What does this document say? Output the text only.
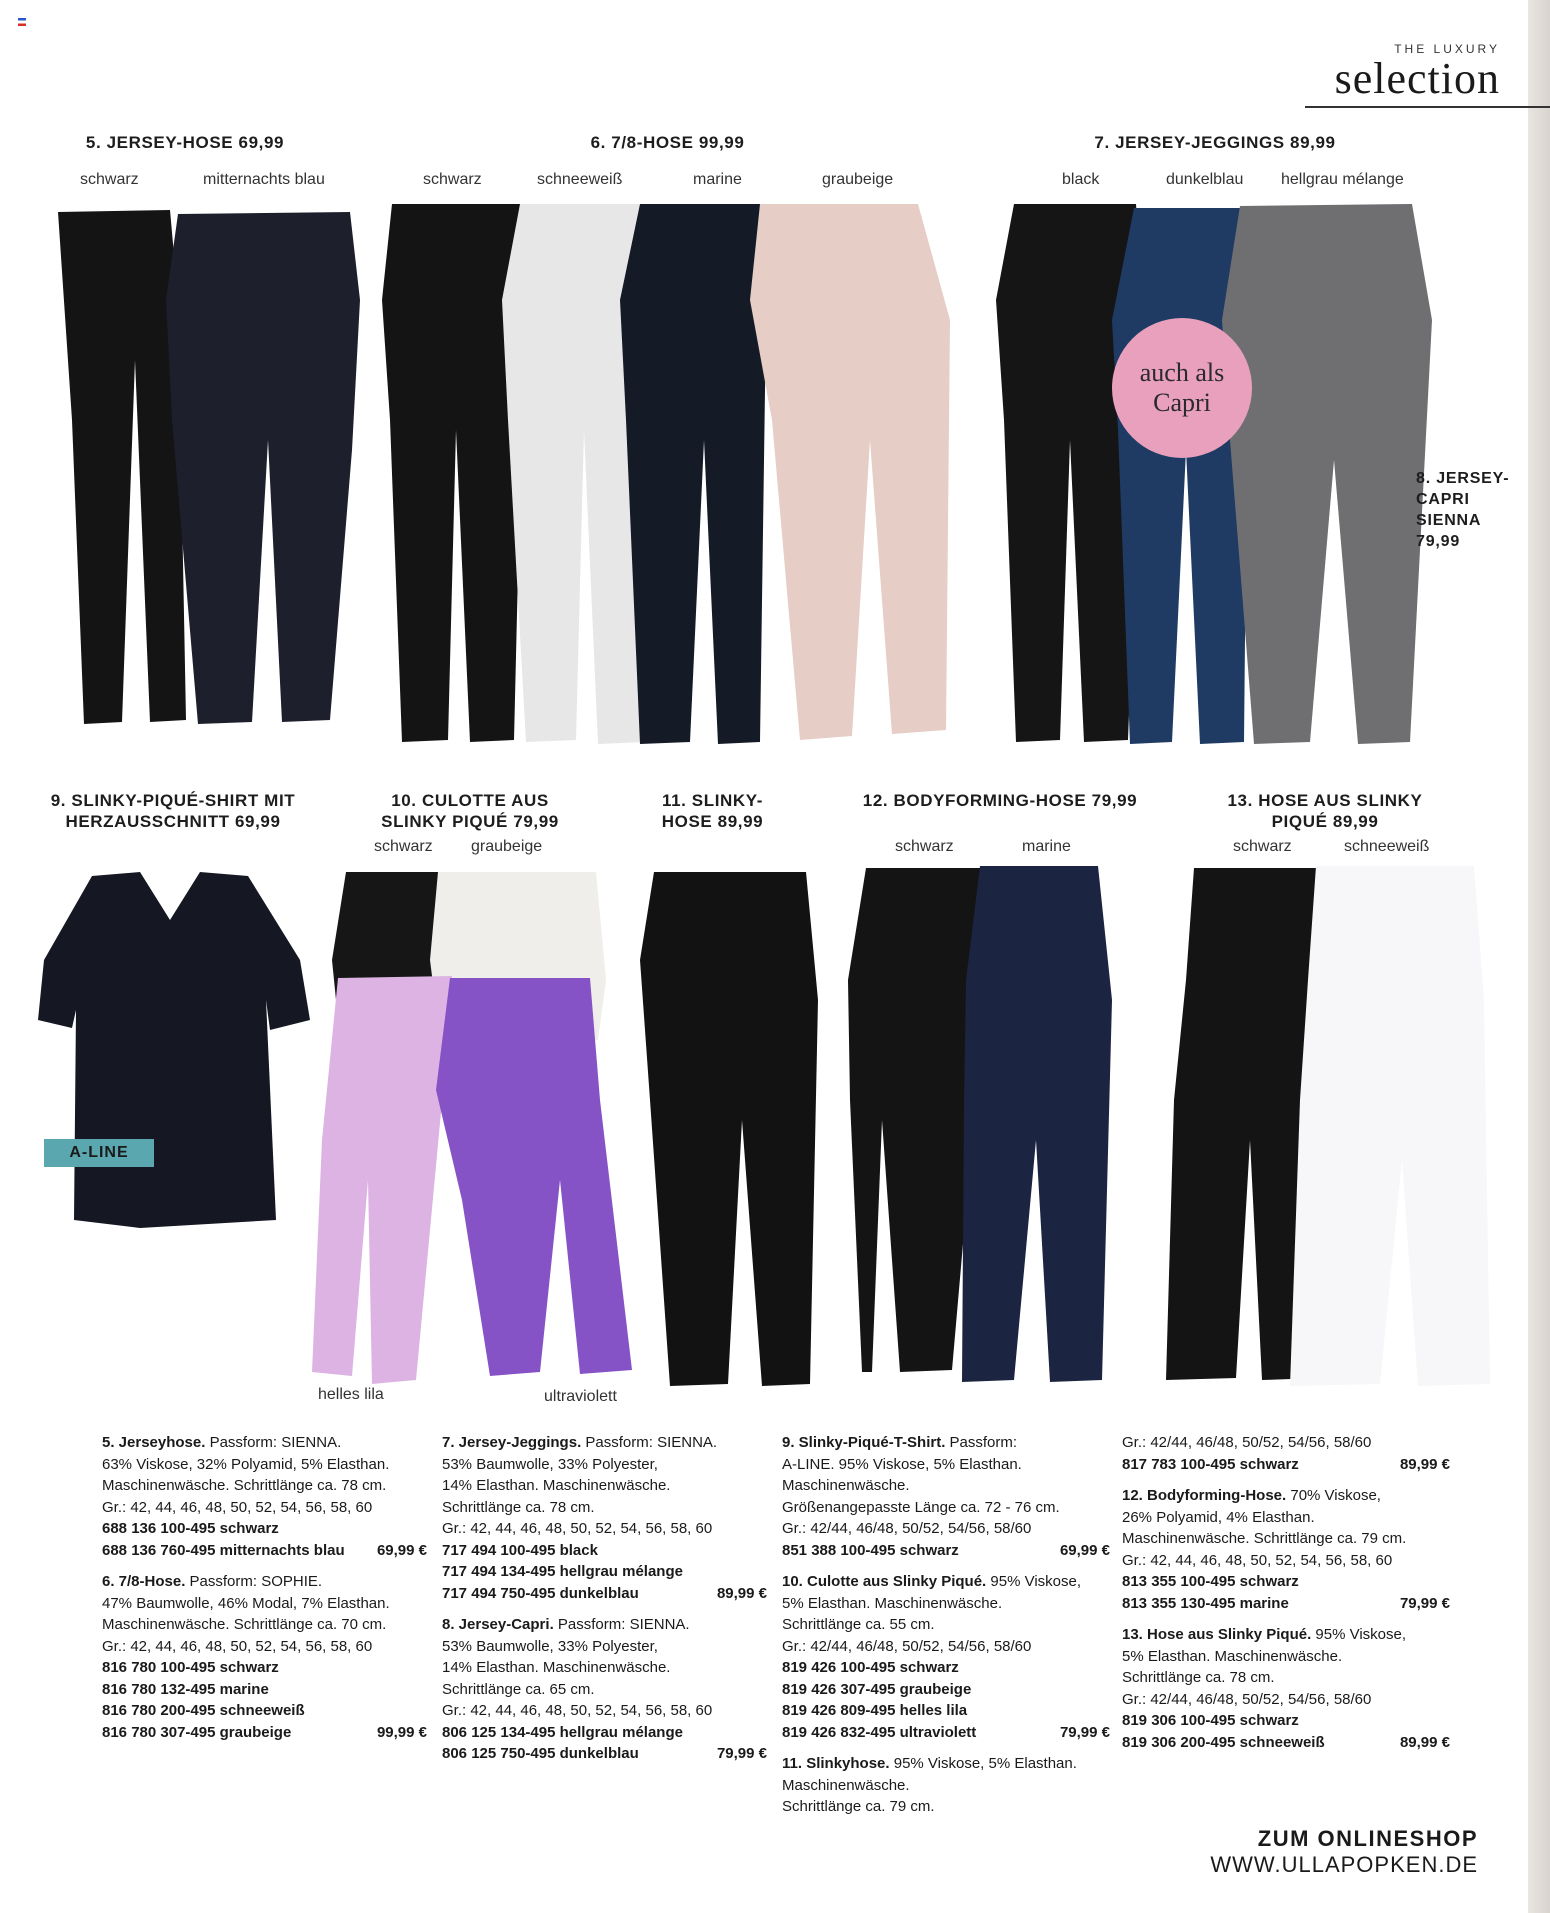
THE LUXURY
selection
5. JERSEY-HOSE 69,99
schwarz	mitternachts blau
6. 7/8-HOSE 99,99
schwarz	schneeweiß	marine	graubeige
7. JERSEY-JEGGINGS 89,99
black	dunkelblau hellgrau mélange
auch als
Capri
8. JERSEY-
CAPRI
SIENNA
79,99
9. SLINKY-PIQUÉ-SHIRT MIT
HERZAUSSCHNITT 69,99
10. CULOTTE AUS
SLINKY PIQUÉ 79,99
schwarz graubeige
11. SLINKY-
HOSE 89,99
12. BODYFORMING-HOSE 79,99
schwarz	marine
13. HOSE AUS SLINKY
PIQUÉ 89,99
schwarz	schneeweiß
A-LINE
helles lila	ultraviolett
5. Jerseyhose. Passform: SIENNA.
63% Viskose, 32% Polyamid, 5% Elasthan.
Maschinenwäsche. Schrittlänge ca. 78 cm.
Gr.: 42, 44, 46, 48, 50, 52, 54, 56, 58, 60
688 136 100-495 schwarz
688 136 760-495 mitternachts blau 69,99 €
6. 7/8-Hose. Passform: SOPHIE.
47% Baumwolle, 46% Modal, 7% Elasthan.
Maschinenwäsche. Schrittlänge ca. 70 cm.
Gr.: 42, 44, 46, 48, 50, 52, 54, 56, 58, 60
816 780 100-495 schwarz
816 780 132-495 marine
816 780 200-495 schneeweiß
816 780 307-495 graubeige	99,99 €
7. Jersey-Jeggings. Passform: SIENNA.
53% Baumwolle, 33% Polyester,
14% Elasthan. Maschinenwäsche.
Schrittlänge ca. 78 cm.
Gr.: 42, 44, 46, 48, 50, 52, 54, 56, 58, 60
717 494 100-495 black
717 494 134-495 hellgrau mélange
717 494 750-495 dunkelblau	89,99 €
8. Jersey-Capri. Passform: SIENNA.
53% Baumwolle, 33% Polyester,
14% Elasthan. Maschinenwäsche.
Schrittlänge ca. 65 cm.
Gr.: 42, 44, 46, 48, 50, 52, 54, 56, 58, 60
806 125 134-495 hellgrau mélange
806 125 750-495 dunkelblau	79,99 €
9. Slinky-Piqué-T-Shirt. Passform:
A-LINE. 95% Viskose, 5% Elasthan.
Maschinenwäsche.
Größenangepasste Länge ca. 72 - 76 cm.
Gr.: 42/44, 46/48, 50/52, 54/56, 58/60
851 388 100-495 schwarz	69,99 €
10. Culotte aus Slinky Piqué. 95% Viskose,
5% Elasthan. Maschinenwäsche.
Schrittlänge ca. 55 cm.
Gr.: 42/44, 46/48, 50/52, 54/56, 58/60
819 426 100-495 schwarz
819 426 307-495 graubeige
819 426 809-495 helles lila
819 426 832-495 ultraviolett	79,99 €
11. Slinkyhose. 95% Viskose, 5% Elasthan.
Maschinenwäsche.
Schrittlänge ca. 79 cm.
Gr.: 42/44, 46/48, 50/52, 54/56, 58/60
817 783 100-495 schwarz	89,99 €
12. Bodyforming-Hose. 70% Viskose,
26% Polyamid, 4% Elasthan.
Maschinenwäsche. Schrittlänge ca. 79 cm.
Gr.: 42, 44, 46, 48, 50, 52, 54, 56, 58, 60
813 355 100-495 schwarz
813 355 130-495 marine	79,99 €
13. Hose aus Slinky Piqué. 95% Viskose,
5% Elasthan. Maschinenwäsche.
Schrittlänge ca. 78 cm.
Gr.: 42/44, 46/48, 50/52, 54/56, 58/60
819 306 100-495 schwarz
819 306 200-495 schneeweiß	89,99 €
ZUM ONLINESHOP
WWW.ULLAPOPKEN.DE
